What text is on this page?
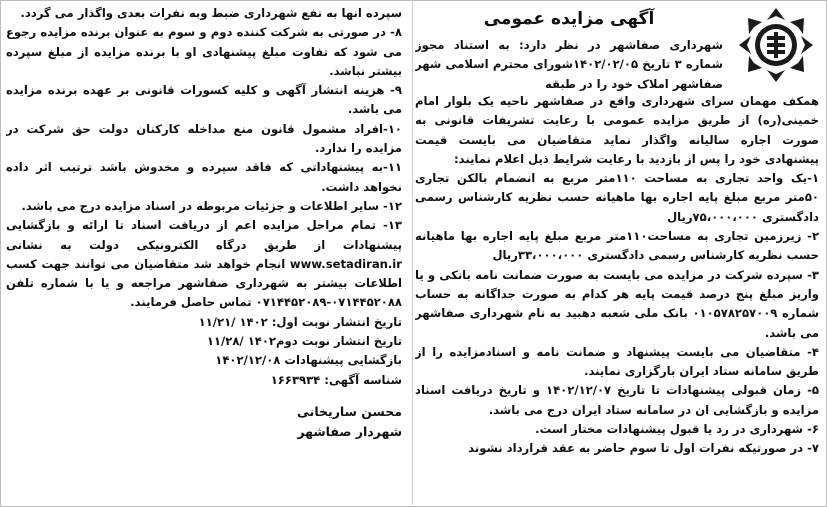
آگهی مزایده عمومی
شهرداری صفاشهر در نظر دارد: به استناد مجوز شماره ۳ تاریخ ۱۴۰۲/۰۲/۰۵شورای محترم اسلامی شهر صفاشهر املاک خود را در طبقه

همکف مهمان سرای شهرداری واقع در صفاشهر ناحیه یک بلوار امام خمینی(ره) از طریق مزایده عمومی با رعایت تشریفات قانونی به صورت اجاره سالیانه واگذار نماید متقاضیان می بایست قیمت پیشنهادی خود را پس از بازدید با رعایت شرایط ذیل اعلام نمایند:

۱-یک واحد تجاری به مساحت ۱۱۰متر مربع به انضمام بالکن تجاری ۵۰متر مربع مبلغ پایه اجاره بها ماهیانه حسب نظریه کارشناس رسمی دادگستری ۷۵،۰۰۰،۰۰۰ریال

۲- زیرزمین تجاری به مساحت۱۱۰متر مربع مبلغ پایه اجاره بها ماهیانه حسب نظریه کارشناس رسمی دادگستری ۳۳،۰۰۰،۰۰۰ریال

۳- سپرده شرکت در مزایده می بایست به صورت ضمانت نامه بانکی و یا واریز مبلغ پنج درصد قیمت پایه هر کدام به صورت جداگانه به حساب شماره ۰۱۰۵۷۸۲۵۷۰۰۹ بانک ملی شعبه دهبید به نام شهرداری صفاشهر می باشد.

۴- متقاضیان می بایست پیشنهاد و ضمانت نامه و اسنادمزایده را از طریق سامانه ستاد ایران بارگزاری نمایند.

۵- زمان قبولی پیشنهادات تا تاریخ ۱۴۰۲/۱۲/۰۷ و تاریخ دریافت اسناد مزایده و بازگشایی ان در سامانه ستاد ایران درج می باشد.

۶- شهرداری در رد یا قبول پیشنهادات مختار است.

۷- در صورتیکه نفرات اول تا سوم حاضر به عقد قرارداد نشوند

سپرده انها به نفع شهرداری ضبط وبه نفرات بعدی واگذار می گردد.

۸- در صورتی به شرکت کننده دوم و سوم به عنوان برنده مزایده رجوع می شود که تفاوت مبلغ پیشنهادی او با برنده مزایده از مبلغ سپرده بیشتر نباشد.

۹- هزینه انتشار آگهی و کلیه کسورات قانونی بر عهده برنده مزایده می باشد.

۱۰-افراد مشمول قانون منع مداخله کارکنان دولت حق شرکت در مزایده را ندارد.

۱۱-به پیشنهاداتی که فاقد سپرده و مخدوش باشد ترتیب اثر داده نخواهد داشت.

۱۲- سایر اطلاعات و جزئیات مربوطه در اسناد مزایده درج می باشد.

۱۳- تمام مراحل مزایده اعم از دریافت اسناد تا ارائه و بازگشایی پیشنهادات از طریق درگاه الکترونیکی دولت به نشانی www.setadiran.ir انجام خواهد شد متقاضیان می توانند جهت کسب اطلاعات بیشتر به شهرداری صفاشهر مراجعه و یا با شماره تلفن ۰۷۱۴۴۵۲۰۸۸-۰۷۱۴۴۵۲۰۸۹ تماس حاصل فرمایند.

تاریخ انتشار نوبت اول: ۱۴۰۲ /۱۱/۲۱

تاریخ انتشار نوبت دوم۱۴۰۲ /۱۱/۲۸

بازگشایی پیشنهادات ۱۴۰۲/۱۲/۰۸

شناسه آگهی: ۱۶۶۳۹۳۴

محسن ساریخانی
شهردار صفاشهر
